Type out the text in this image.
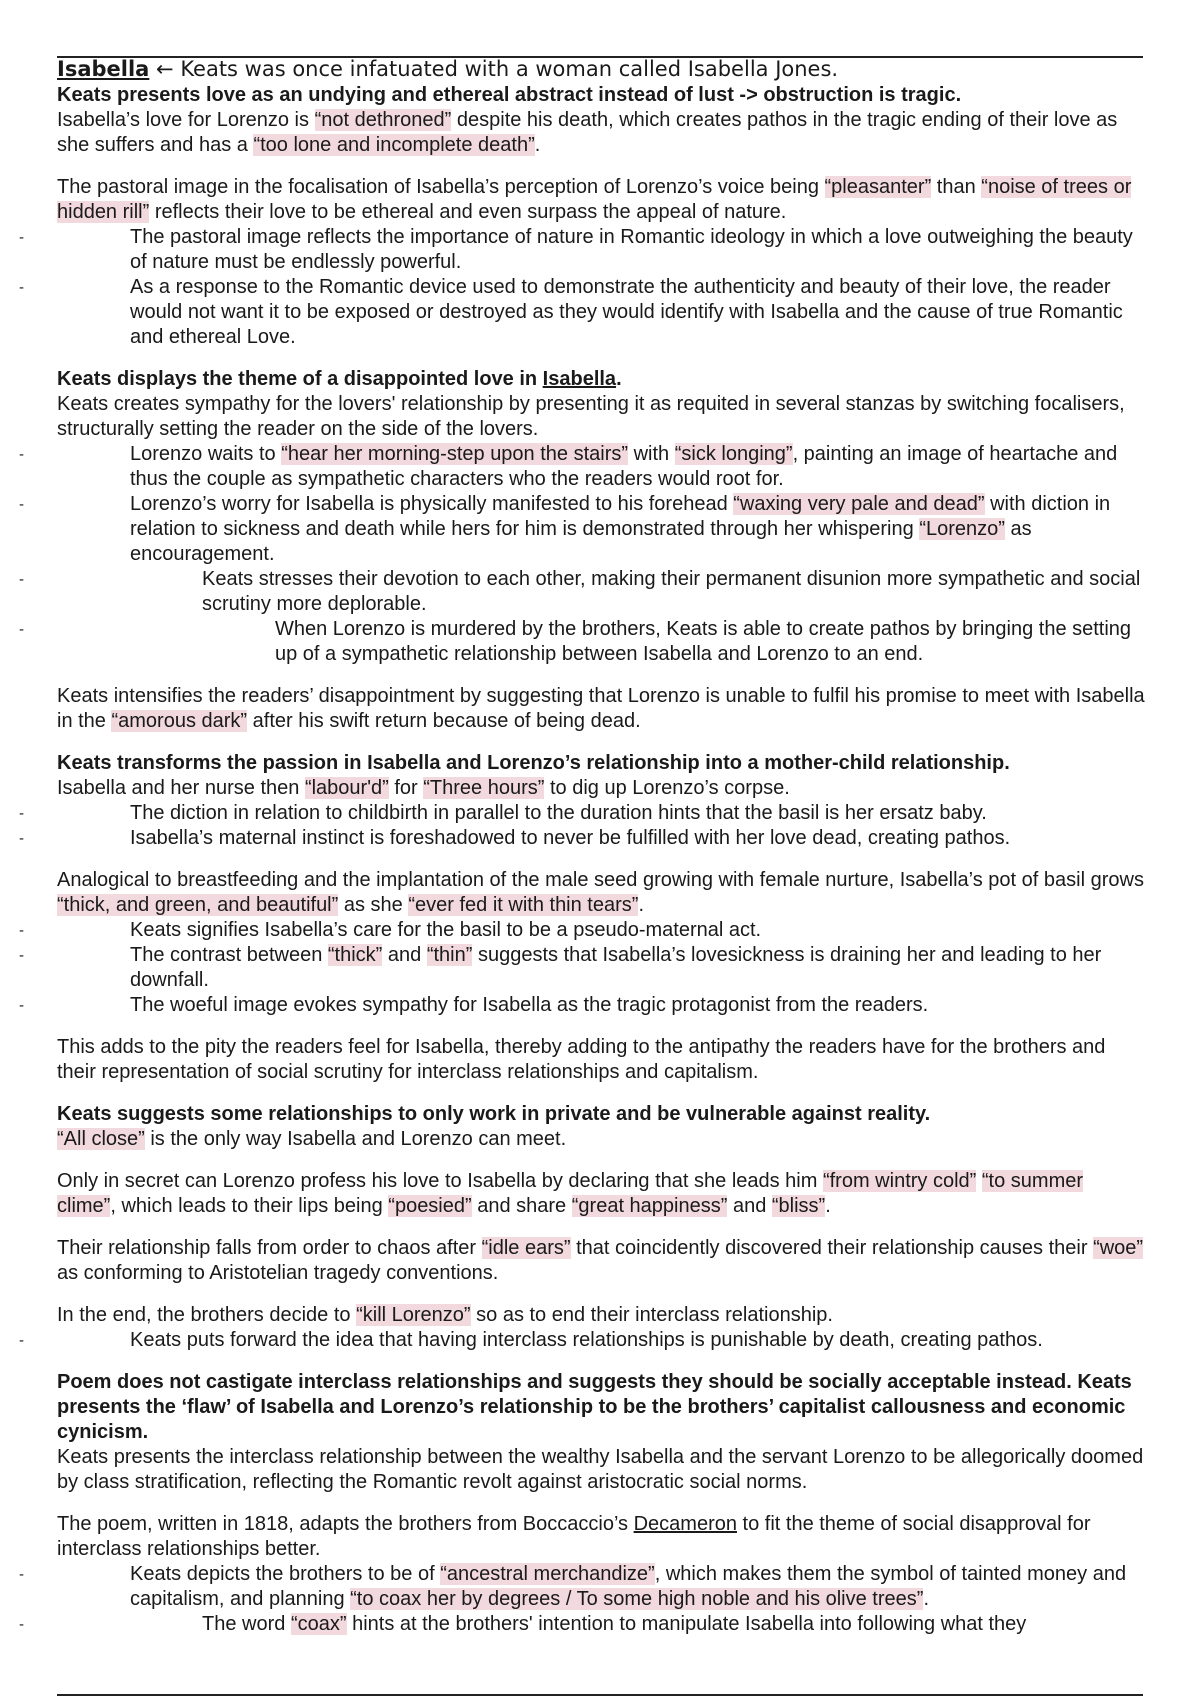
Isabella ← Keats was once infatuated with a woman called Isabella Jones.

Keats presents love as an undying and ethereal abstract instead of lust -> obstruction is tragic.

Isabella’s love for Lorenzo is “not dethroned” despite his death, which creates pathos in the tragic ending of their love as she suffers and has a “too lone and incomplete death”.

The pastoral image in the focalisation of Isabella’s perception of Lorenzo’s voice being “pleasanter” than “noise of trees or hidden rill” reflects their love to be ethereal and even surpass the appeal of nature.

- The pastoral image reflects the importance of nature in Romantic ideology in which a love outweighing the beauty of nature must be endlessly powerful.

- As a response to the Romantic device used to demonstrate the authenticity and beauty of their love, the reader would not want it to be exposed or destroyed as they would identify with Isabella and the cause of true Romantic and ethereal Love.

Keats displays the theme of a disappointed love in Isabella.

Keats creates sympathy for the lovers' relationship by presenting it as requited in several stanzas by switching focalisers, structurally setting the reader on the side of the lovers.

- Lorenzo waits to “hear her morning-step upon the stairs” with “sick longing”, painting an image of heartache and thus the couple as sympathetic characters who the readers would root for.

- Lorenzo’s worry for Isabella is physically manifested to his forehead “waxing very pale and dead” with diction in relation to sickness and death while hers for him is demonstrated through her whispering “Lorenzo” as encouragement.

- Keats stresses their devotion to each other, making their permanent disunion more sympathetic and social scrutiny more deplorable.

- When Lorenzo is murdered by the brothers, Keats is able to create pathos by bringing the setting up of a sympathetic relationship between Isabella and Lorenzo to an end.

Keats intensifies the readers’ disappointment by suggesting that Lorenzo is unable to fulfil his promise to meet with Isabella in the “amorous dark” after his swift return because of being dead.

Keats transforms the passion in Isabella and Lorenzo’s relationship into a mother-child relationship.

Isabella and her nurse then “labour'd” for “Three hours” to dig up Lorenzo’s corpse.

- The diction in relation to childbirth in parallel to the duration hints that the basil is her ersatz baby.

- Isabella’s maternal instinct is foreshadowed to never be fulfilled with her love dead, creating pathos.

Analogical to breastfeeding and the implantation of the male seed growing with female nurture, Isabella’s pot of basil grows “thick, and green, and beautiful” as she “ever fed it with thin tears”.

- Keats signifies Isabella’s care for the basil to be a pseudo-maternal act.

- The contrast between “thick” and “thin” suggests that Isabella’s lovesickness is draining her and leading to her downfall.

- The woeful image evokes sympathy for Isabella as the tragic protagonist from the readers.

This adds to the pity the readers feel for Isabella, thereby adding to the antipathy the readers have for the brothers and their representation of social scrutiny for interclass relationships and capitalism.

Keats suggests some relationships to only work in private and be vulnerable against reality.

“All close” is the only way Isabella and Lorenzo can meet.

Only in secret can Lorenzo profess his love to Isabella by declaring that she leads him “from wintry cold” “to summer clime”, which leads to their lips being “poesied” and share “great happiness” and “bliss”.

Their relationship falls from order to chaos after “idle ears” that coincidently discovered their relationship causes their “woe” as conforming to Aristotelian tragedy conventions.

In the end, the brothers decide to “kill Lorenzo” so as to end their interclass relationship.

- Keats puts forward the idea that having interclass relationships is punishable by death, creating pathos.

Poem does not castigate interclass relationships and suggests they should be socially acceptable instead. Keats presents the ‘flaw’ of Isabella and Lorenzo’s relationship to be the brothers’ capitalist callousness and economic cynicism.

Keats presents the interclass relationship between the wealthy Isabella and the servant Lorenzo to be allegorically doomed by class stratification, reflecting the Romantic revolt against aristocratic social norms.

The poem, written in 1818, adapts the brothers from Boccaccio’s Decameron to fit the theme of social disapproval for interclass relationships better.

- Keats depicts the brothers to be of “ancestral merchandize”, which makes them the symbol of tainted money and capitalism, and planning “to coax her by degrees / To some high noble and his olive trees”.

- The word “coax” hints at the brothers' intention to manipulate Isabella into following what they
